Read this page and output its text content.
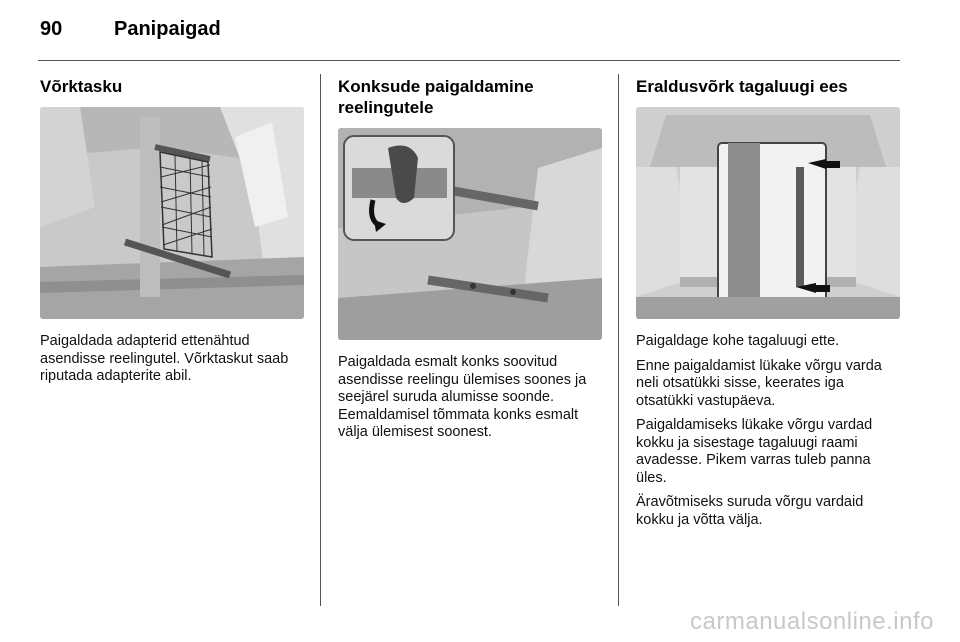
90	Panipaigad
Võrktasku

Paigaldada adapterid ettenähtud asendisse reelingutel. Võrktaskut saab riputada adapterite abil.

Konksude paigaldamine reelingutele

Paigaldada esmalt konks soovitud asendisse reelingu ülemises soones ja seejärel suruda alumisse soonde. Eemaldamisel tõmmata konks esmalt välja ülemisest soonest.

Eraldusvõrk tagaluugi ees

Paigaldage kohe tagaluugi ette.

Enne paigaldamist lükake võrgu varda neli otsatükki sisse, keerates iga otsatükki vastupäeva.

Paigaldamiseks lükake võrgu vardad kokku ja sisestage tagaluugi raami avadesse. Pikem varras tuleb panna üles.

Äravõtmiseks suruda võrgu vardaid kokku ja võtta välja.

carmanualsonline.info
